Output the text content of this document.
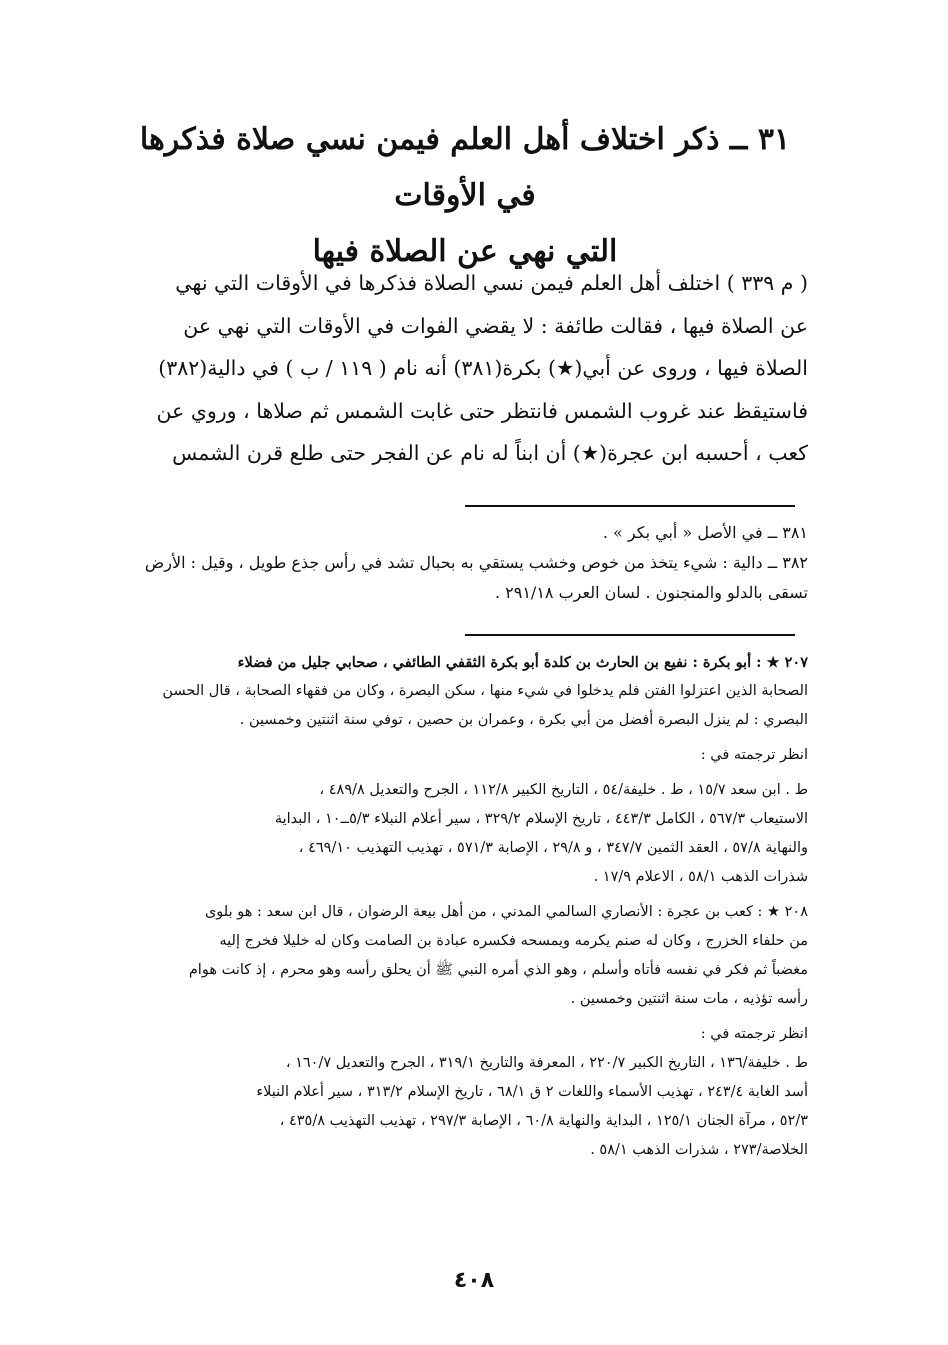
٣١ ــ ذكر اختلاف أهل العلم فيمن نسي صلاة فذكرها في الأوقات
التي نهي عن الصلاة فيها
( م ٣٣٩ ) اختلف أهل العلم فيمن نسي الصلاة فذكرها في الأوقات التي نهي
عن الصلاة فيها ، فقالت طائفة : لا يقضي الفوات في الأوقات التي نهي عن
الصلاة فيها ، وروى عن أبي(★) بكرة(٣٨١) أنه نام ( ١١٩ / ب ) في دالية(٣٨٢)
فاستيقظ عند غروب الشمس فانتظر حتى غابت الشمس ثم صلاها ، وروي عن
كعب ، أحسبه ابن عجرة(★) أن ابناً له نام عن الفجر حتى طلع قرن الشمس
٣٨١ ــ في الأصل « أبي بكر » .
٣٨٢ ــ دالية : شيء يتخذ من خوص وخشب يستقي به بحبال تشد في رأس جذع طويل ، وقيل : الأرض
تسقى بالدلو والمنجنون . لسان العرب ٢٩١/١٨ .
٢٠٧ ★ : أبو بكرة : نفيع بن الحارث بن كلدة أبو بكرة الثقفي الطائفي ، صحابي جليل من فضلاء
الصحابة الذين اعتزلوا الفتن فلم يدخلوا في شيء منها ، سكن البصرة ، وكان من فقهاء الصحابة ، قال الحسن
البصري : لم ينزل البصرة أفضل من أبي بكرة ، وعمران بن حصين ، توفي سنة اثنتين وخمسين .
انظر ترجمته في :
ط . ابن سعد ١٥/٧ ، ط . خليفة/٥٤ ، التاريخ الكبير ١١٢/٨ ، الجرح والتعديل ٤٨٩/٨ ،
الاستيعاب ٥٦٧/٣ ، الكامل ٤٤٣/٣ ، تاريخ الإسلام ٣٢٩/٢ ، سير أعلام النبلاء ٥/٣ــ١٠ ، البداية
والنهاية ٥٧/٨ ، العقد الثمين ٣٤٧/٧ ، و ٢٩/٨ ، الإصابة ٥٧١/٣ ، تهذيب التهذيب ٤٦٩/١٠ ،
شذرات الذهب ٥٨/١ ، الاعلام ١٧/٩ .
٢٠٨ ★ : كعب بن عجرة : الأنصاري السالمي المدني ، من أهل بيعة الرضوان ، قال ابن سعد : هو بلوى
من حلفاء الخزرج ، وكان له صنم يكرمه ويمسحه فكسره عبادة بن الصامت وكان له خليلا فخرج إليه
مغضباً ثم فكر في نفسه فأتاه وأسلم ، وهو الذي أمره النبي ﷺ أن يحلق رأسه وهو محرم ، إذ كانت هوام
رأسه تؤذيه ، مات سنة اثنتين وخمسين .
انظر ترجمته في :
ط . خليفة/١٣٦ ، التاريخ الكبير ٢٢٠/٧ ، المعرفة والتاريخ ٣١٩/١ ، الجرح والتعديل ١٦٠/٧ ،
أسد الغابة ٢٤٣/٤ ، تهذيب الأسماء واللغات ٢ ق ٦٨/١ ، تاريخ الإسلام ٣١٣/٢ ، سير أعلام النبلاء
٥٢/٣ ، مرآة الجنان ١٢٥/١ ، البداية والنهاية ٦٠/٨ ، الإصابة ٢٩٧/٣ ، تهذيب التهذيب ٤٣٥/٨ ،
الخلاصة/٢٧٣ ، شذرات الذهب ٥٨/١ .
٤٠٨
